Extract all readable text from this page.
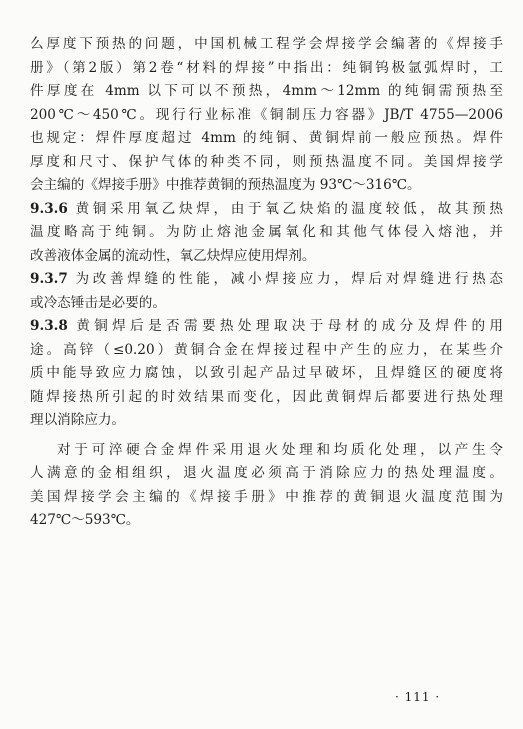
么厚度下预热的问题，中国机械工程学会焊接学会编著的《焊接手
册》（第2版）第2卷“材料的焊接”中指出：纯铜钨极氩弧焊时，工
件厚度在 4mm 以下可以不预热，4mm～12mm 的纯铜需预热至
200℃～450℃。现行行业标准《铜制压力容器》JB/T 4755—2006
也规定：焊件厚度超过 4mm 的纯铜、黄铜焊前一般应预热。焊件
厚度和尺寸、保护气体的种类不同，则预热温度不同。美国焊接学
会主编的《焊接手册》中推荐黄铜的预热温度为 93℃～316℃。
9.3.6 黄铜采用氧乙炔焊，由于氧乙炔焰的温度较低，故其预热
温度略高于纯铜。为防止熔池金属氧化和其他气体侵入熔池，并
改善液体金属的流动性，氧乙炔焊应使用焊剂。
9.3.7 为改善焊缝的性能，减小焊接应力，焊后对焊缝进行热态
或冷态锤击是必要的。
9.3.8 黄铜焊后是否需要热处理取决于母材的成分及焊件的用
途。高锌（≤0.20）黄铜合金在焊接过程中产生的应力，在某些介
质中能导致应力腐蚀，以致引起产品过早破坏，且焊缝区的硬度将
随焊接热所引起的时效结果而变化，因此黄铜焊后都要进行热处理
理以消除应力。
对于可淬硬合金焊件采用退火处理和均质化处理，以产生令
人满意的金相组织，退火温度必须高于消除应力的热处理温度。
美国焊接学会主编的《焊接手册》中推荐的黄铜退火温度范围为
427℃～593℃。
· 111 ·
